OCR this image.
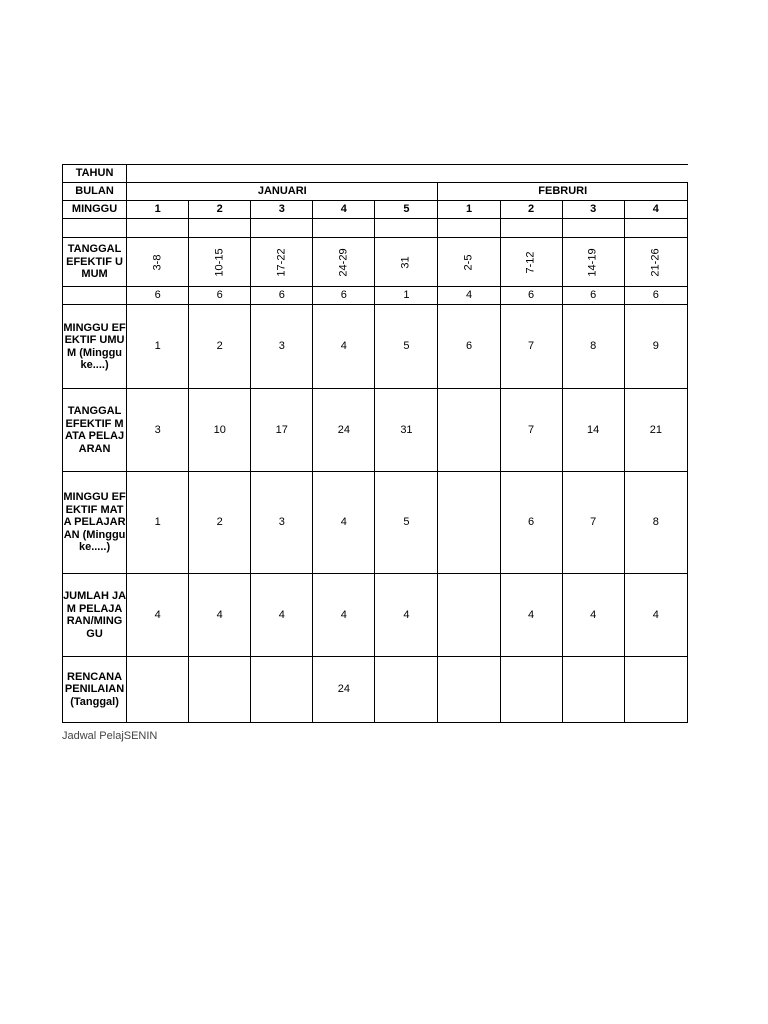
TAHUN									
BULAN	JANUARI					FEBRURI			
MINGGU	1	2	3	4	5	1	2	3	4

TANGGAL EFEKTIF UMUM	3-8	10-15	17-22	24-29	31	2-5	7-12	14-19	21-26
	6	6	6	6	1	4	6	6	6
MINGGU EFEKTIF UMUM (Minggu ke....)	1	2	3	4	5	6	7	8	9
TANGGAL EFEKTIF MATA PELAJARAN	3	10	17	24	31		7	14	21
MINGGU EFEKTIF MATA PELAJARAN (Minggu ke.....)	1	2	3	4	5		6	7	8
JUMLAH JAM PELAJARAN/MINGGU	4	4	4	4	4		4	4	4
RENCANA PENILAIAN (Tanggal)				24					
Jadwal PelajSENIN
